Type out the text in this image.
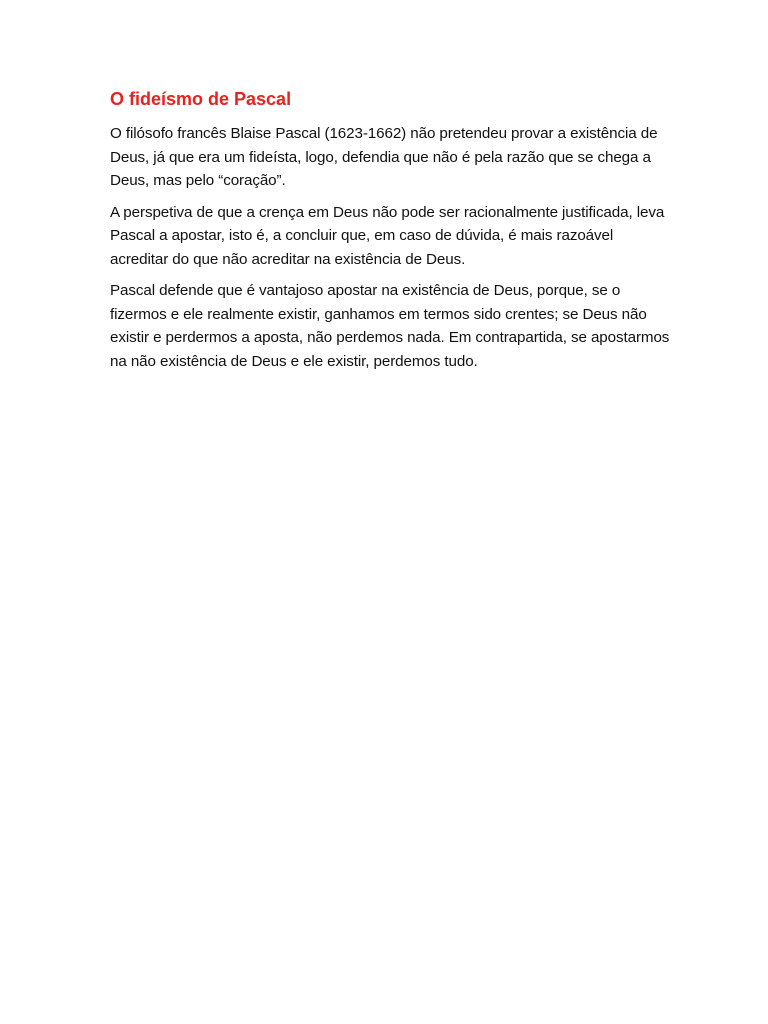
O fideísmo de Pascal

O filósofo francês Blaise Pascal (1623-1662) não pretendeu provar a existência de Deus, já que era um fideísta, logo, defendia que não é pela razão que se chega a Deus, mas pelo “coração”.

A perspetiva de que a crença em Deus não pode ser racionalmente justificada, leva Pascal a apostar, isto é, a concluir que, em caso de dúvida, é mais razoável acreditar do que não acreditar na existência de Deus.

Pascal defende que é vantajoso apostar na existência de Deus, porque, se o fizermos e ele realmente existir, ganhamos em termos sido crentes; se Deus não existir e perdermos a aposta, não perdemos nada. Em contrapartida, se apostarmos na não existência de Deus e ele existir, perdemos tudo.
